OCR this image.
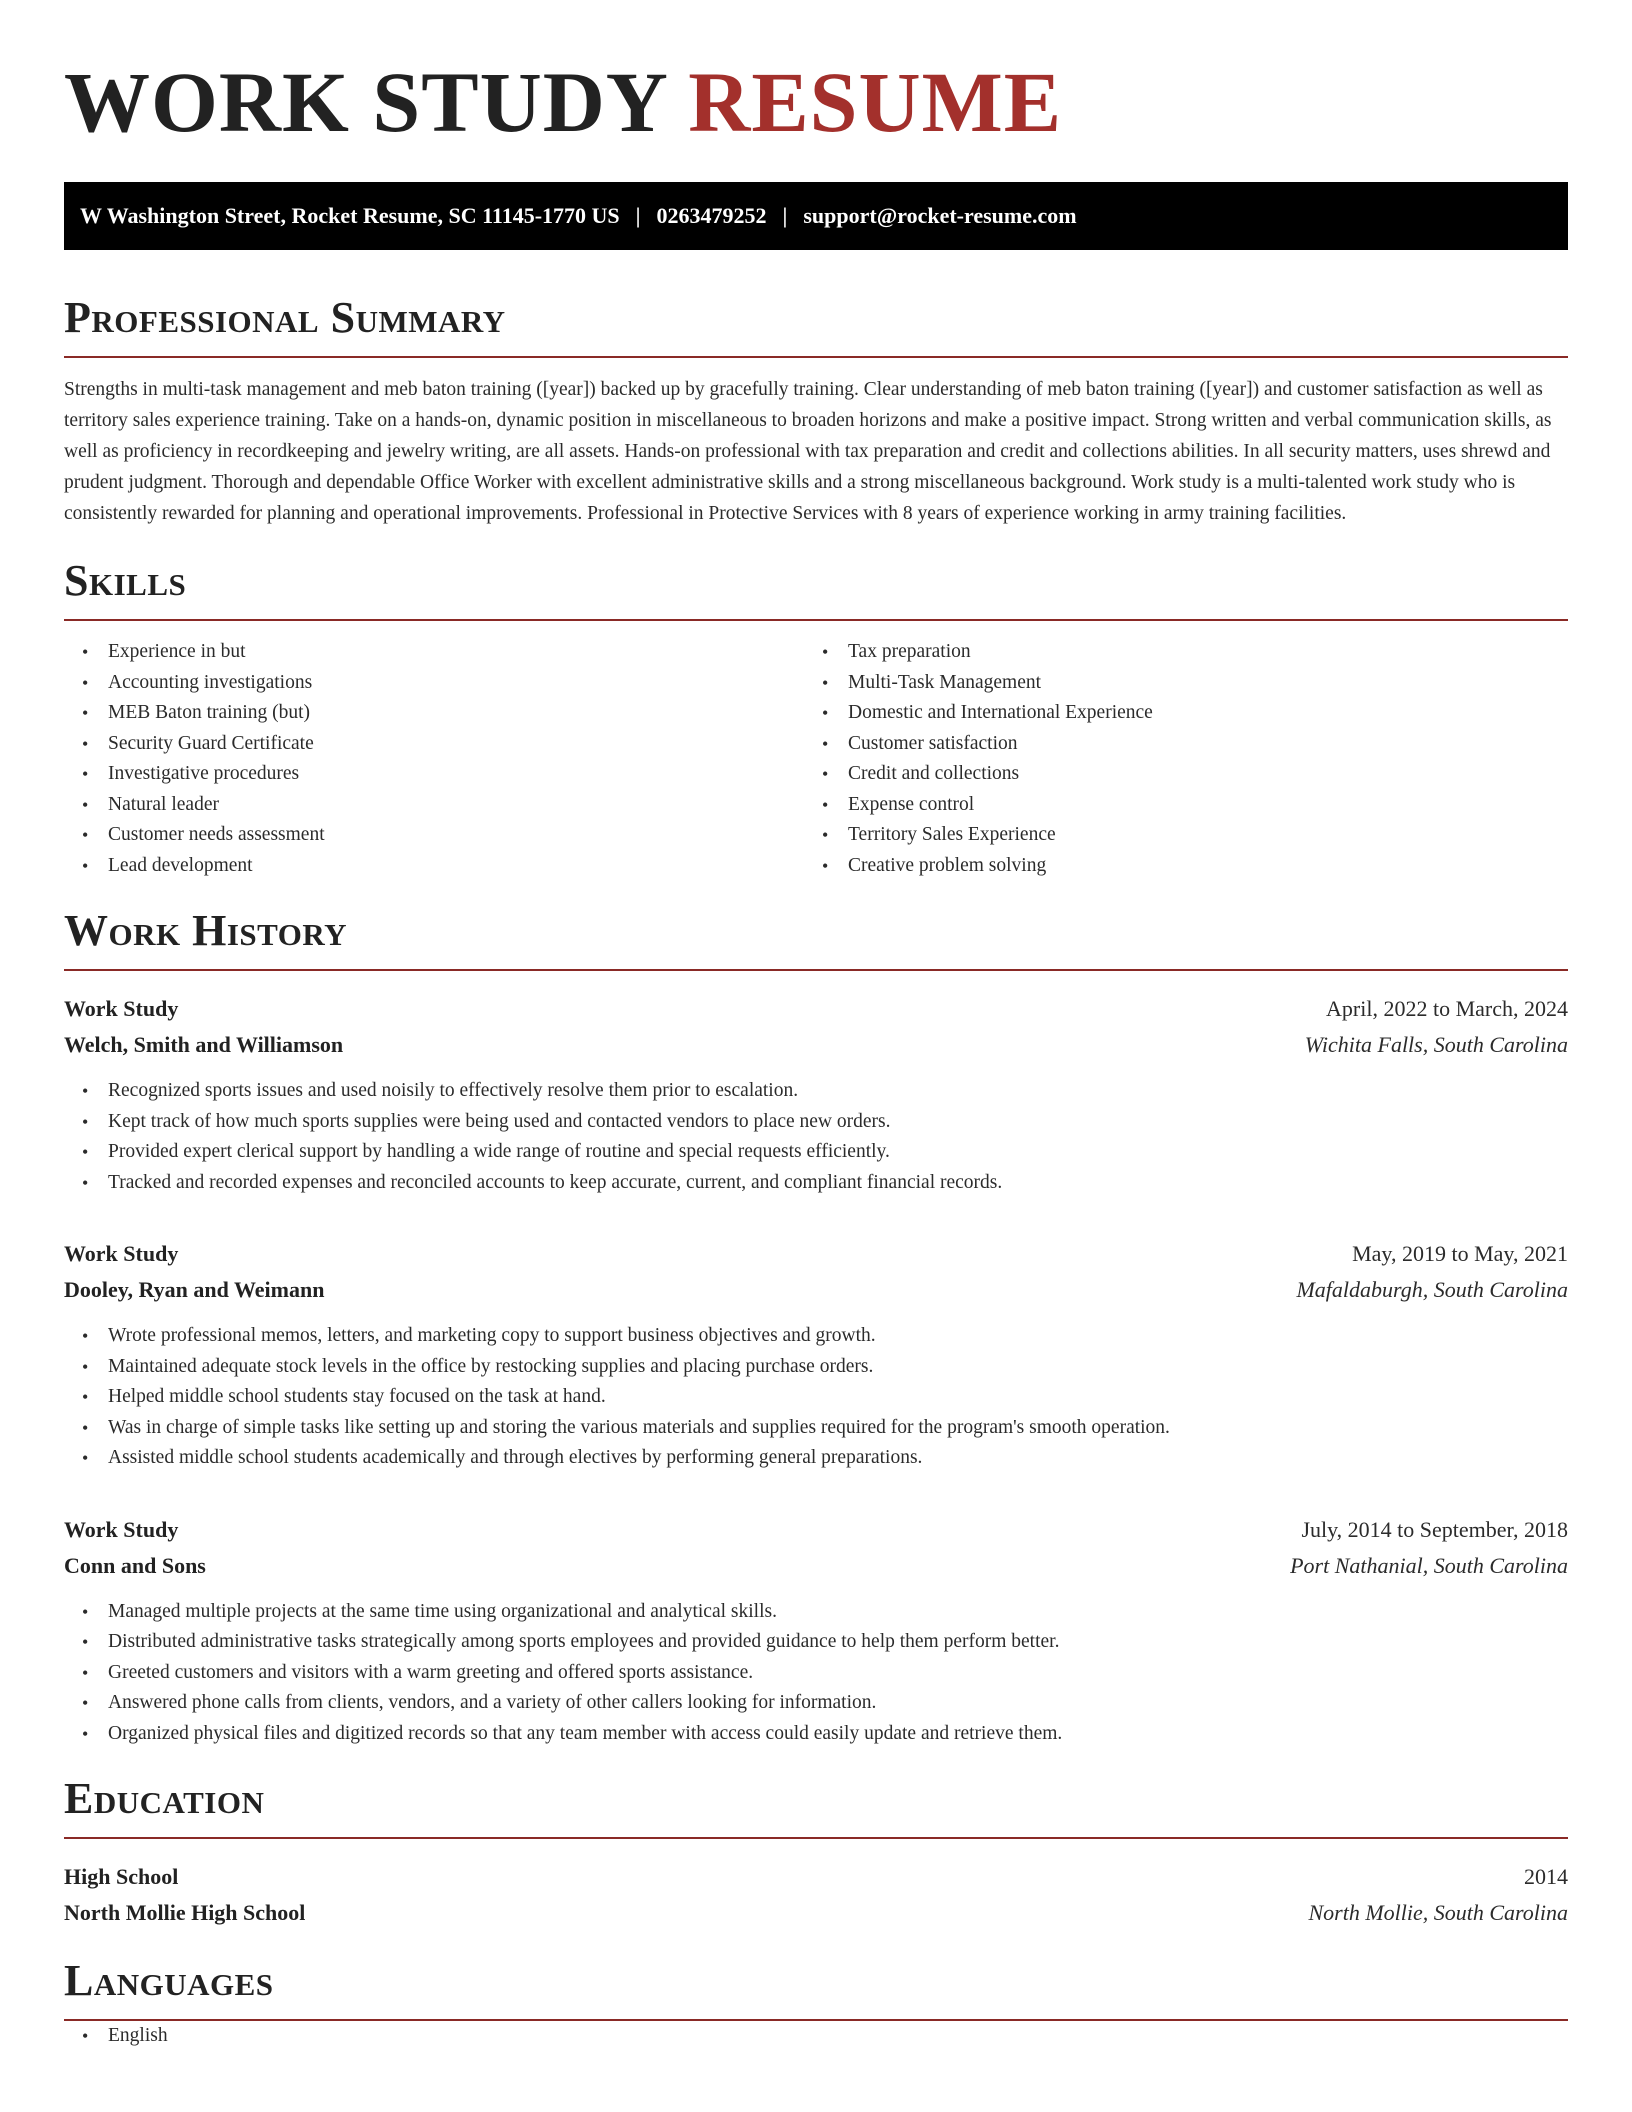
WORK STUDY RESUME
W Washington Street, Rocket Resume, SC 11145-1770 US | 0263479252 | support@rocket-resume.com
Professional Summary

Strengths in multi-task management and meb baton training ([year]) backed up by gracefully training. Clear understanding of meb baton training ([year]) and customer satisfaction as well as territory sales experience training. Take on a hands-on, dynamic position in miscellaneous to broaden horizons and make a positive impact. Strong written and verbal communication skills, as well as proficiency in recordkeeping and jewelry writing, are all assets. Hands-on professional with tax preparation and credit and collections abilities. In all security matters, uses shrewd and prudent judgment. Thorough and dependable Office Worker with excellent administrative skills and a strong miscellaneous background. Work study is a multi-talented work study who is consistently rewarded for planning and operational improvements. Professional in Protective Services with 8 years of experience working in army training facilities.

Skills
• Experience in but
• Accounting investigations
• MEB Baton training (but)
• Security Guard Certificate
• Investigative procedures
• Natural leader
• Customer needs assessment
• Lead development
• Tax preparation
• Multi-Task Management
• Domestic and International Experience
• Customer satisfaction
• Credit and collections
• Expense control
• Territory Sales Experience
• Creative problem solving
Work History
Work Study	April, 2022 to March, 2024
Welch, Smith and Williamson	Wichita Falls, South Carolina
• Recognized sports issues and used noisily to effectively resolve them prior to escalation.
• Kept track of how much sports supplies were being used and contacted vendors to place new orders.
• Provided expert clerical support by handling a wide range of routine and special requests efficiently.
• Tracked and recorded expenses and reconciled accounts to keep accurate, current, and compliant financial records.
Work Study	May, 2019 to May, 2021
Dooley, Ryan and Weimann	Mafaldaburgh, South Carolina
• Wrote professional memos, letters, and marketing copy to support business objectives and growth.
• Maintained adequate stock levels in the office by restocking supplies and placing purchase orders.
• Helped middle school students stay focused on the task at hand.
• Was in charge of simple tasks like setting up and storing the various materials and supplies required for the program's smooth operation.
• Assisted middle school students academically and through electives by performing general preparations.
Work Study	July, 2014 to September, 2018
Conn and Sons	Port Nathanial, South Carolina
• Managed multiple projects at the same time using organizational and analytical skills.
• Distributed administrative tasks strategically among sports employees and provided guidance to help them perform better.
• Greeted customers and visitors with a warm greeting and offered sports assistance.
• Answered phone calls from clients, vendors, and a variety of other callers looking for information.
• Organized physical files and digitized records so that any team member with access could easily update and retrieve them.
Education
High School	2014
North Mollie High School	North Mollie, South Carolina
Languages
• English
